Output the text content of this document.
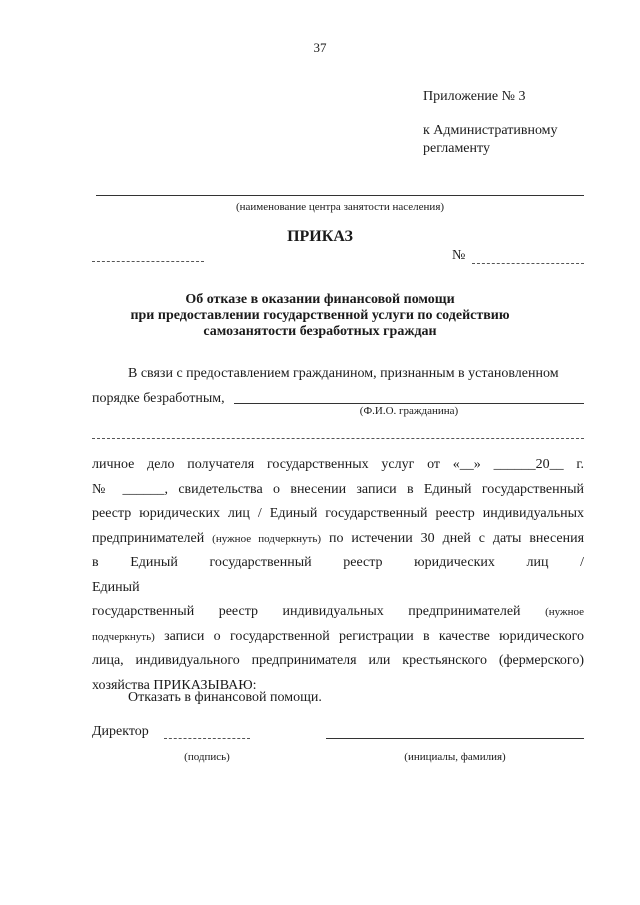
37
Приложение № 3
к Административному
регламенту
(наименование центра занятости населения)
ПРИКАЗ
№
Об отказе в оказании финансовой помощи
при предоставлении государственной услуги по содействию
самозанятости безработных граждан
В связи с предоставлением гражданином, признанным в установленном
порядке безработным,
(Ф.И.О. гражданина)
личное дело получателя государственных услуг от «__» ______20__ г.
№ ______, свидетельства о внесении записи в Единый государственный
реестр юридических лиц / Единый государственный реестр индивидуальных
предпринимателей (нужное подчеркнуть) по истечении 30 дней с даты внесения
в Единый государственный реестр юридических лиц / Единый
государственный реестр индивидуальных предпринимателей (нужное
подчеркнуть) записи о государственной регистрации в качестве юридического
лица, индивидуального предпринимателя или крестьянского (фермерского)
хозяйства ПРИКАЗЫВАЮ:
Отказать в финансовой помощи.
Директор
(подпись)	(инициалы, фамилия)
